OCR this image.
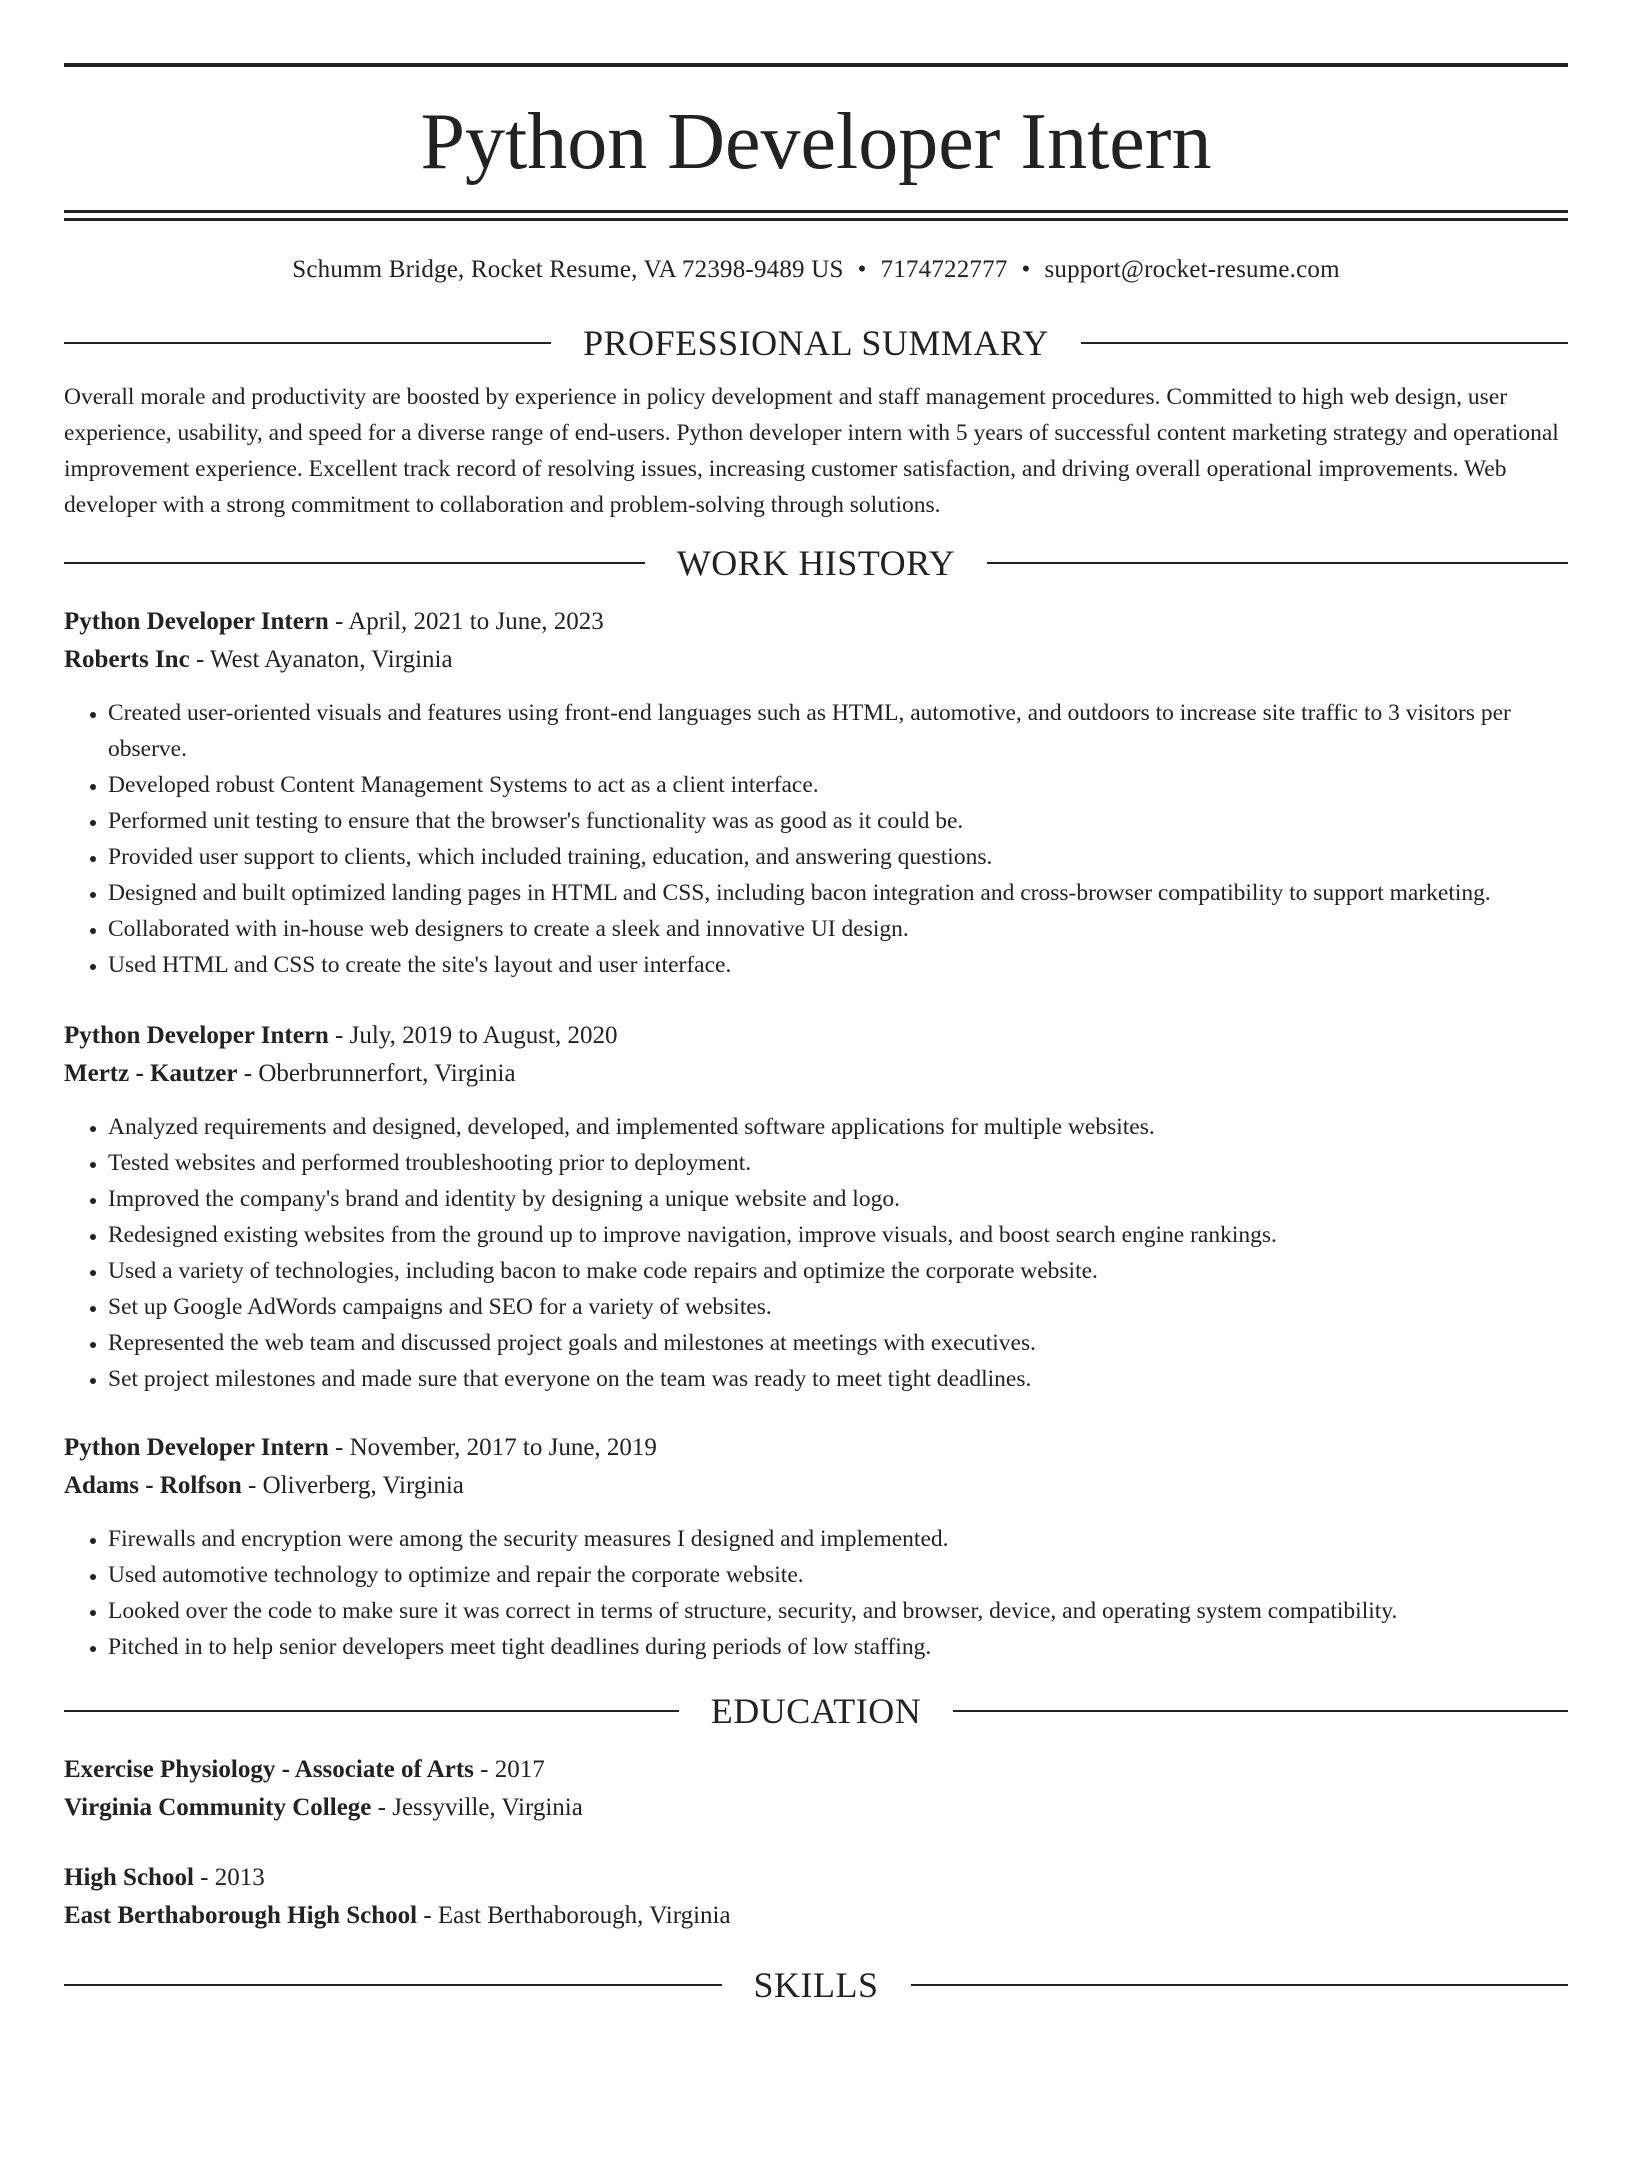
Python Developer Intern
Schumm Bridge, Rocket Resume, VA 72398-9489 US • 7174722777 • support@rocket-resume.com
PROFESSIONAL SUMMARY

Overall morale and productivity are boosted by experience in policy development and staff management procedures. Committed to high web design, user experience, usability, and speed for a diverse range of end-users. Python developer intern with 5 years of successful content marketing strategy and operational improvement experience. Excellent track record of resolving issues, increasing customer satisfaction, and driving overall operational improvements. Web developer with a strong commitment to collaboration and problem-solving through solutions.

WORK HISTORY

Python Developer Intern - April, 2021 to June, 2023

Roberts Inc - West Ayanaton, Virginia

• Created user-oriented visuals and features using front-end languages such as HTML, automotive, and outdoors to increase site traffic to 3 visitors per observe.
• Developed robust Content Management Systems to act as a client interface.
• Performed unit testing to ensure that the browser's functionality was as good as it could be.
• Provided user support to clients, which included training, education, and answering questions.
• Designed and built optimized landing pages in HTML and CSS, including bacon integration and cross-browser compatibility to support marketing.
• Collaborated with in-house web designers to create a sleek and innovative UI design.
• Used HTML and CSS to create the site's layout and user interface.

Python Developer Intern - July, 2019 to August, 2020

Mertz - Kautzer - Oberbrunnerfort, Virginia

• Analyzed requirements and designed, developed, and implemented software applications for multiple websites.
• Tested websites and performed troubleshooting prior to deployment.
• Improved the company's brand and identity by designing a unique website and logo.
• Redesigned existing websites from the ground up to improve navigation, improve visuals, and boost search engine rankings.
• Used a variety of technologies, including bacon to make code repairs and optimize the corporate website.
• Set up Google AdWords campaigns and SEO for a variety of websites.
• Represented the web team and discussed project goals and milestones at meetings with executives.
• Set project milestones and made sure that everyone on the team was ready to meet tight deadlines.

Python Developer Intern - November, 2017 to June, 2019

Adams - Rolfson - Oliverberg, Virginia

• Firewalls and encryption were among the security measures I designed and implemented.
• Used automotive technology to optimize and repair the corporate website.
• Looked over the code to make sure it was correct in terms of structure, security, and browser, device, and operating system compatibility.
• Pitched in to help senior developers meet tight deadlines during periods of low staffing.
EDUCATION

Exercise Physiology - Associate of Arts - 2017

Virginia Community College - Jessyville, Virginia

High School - 2013

East Berthaborough High School - East Berthaborough, Virginia

SKILLS
